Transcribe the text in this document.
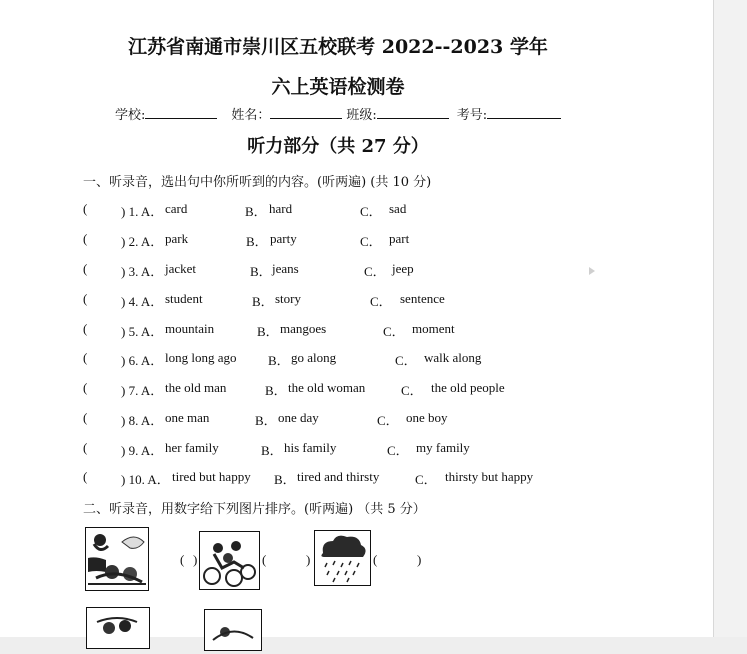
江苏省南通市崇川区五校联考 2022--2023 学年
六上英语检测卷
学校:	姓名：	班级:	考号:
听力部分（共 27 分）
一、听录音，选出句中你所听到的内容。(听两遍) (共 10 分)
(	) 1. A． card	B． hard	C． sad
(	) 2. A． park	B． party	C． part
(	) 3. A． jacket	B． jeans	C． jeep
(	) 4. A． student	B． story	C． sentence
(	) 5. A． mountain	B． mangoes	C． moment
(	) 6. A． long long ago B． go along	C． walk along
(	) 7. A． the old man	B． the old woman	C． the old people
(	) 8. A． one man	B． one day	C． one boy
(	) 9. A． her family	B． his family	C． my family
(	) 10. A． tired but happy B． tired and thirsty	C． thirsty but happy
二、听录音，用数字给下列图片排序。(听两遍) （共 5 分）
( )	(	)	(	)
